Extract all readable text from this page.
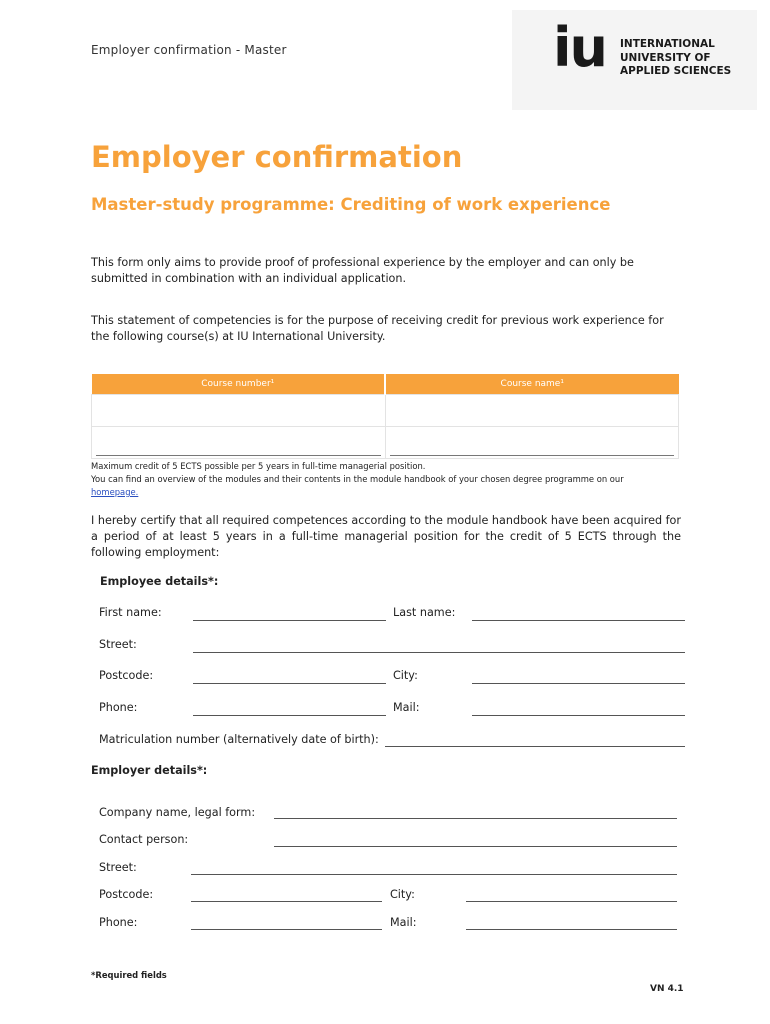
Employer confirmation - Master	iu INTERNATIONAL
UNIVERSITY OF
APPLIED SCIENCES
Employer confirmation
Master-study programme: Crediting of work experience
This form only aims to provide proof of professional experience by the employer and can only be submitted in combination with an individual application.
This statement of competencies is for the purpose of receiving credit for previous work experience for the following course(s) at IU International University.
Course number¹	Course name¹

Maximum credit of 5 ECTS possible per 5 years in full-time managerial position.
You can find an overview of the modules and their contents in the module handbook of your chosen degree programme on our
homepage.
I hereby certify that all required competences according to the module handbook have been acquired for a period of at least 5 years in a full-time managerial position for the credit of 5 ECTS through the following employment:
Employee details*:
First name:	Last name:
Street:
Postcode:	City:
Phone:	Mail:
Matriculation number (alternatively date of birth):
Employer details*:
Company name, legal form:
Contact person:
Street:
Postcode:	City:
Phone:	Mail:
*Required fields
VN 4.1
